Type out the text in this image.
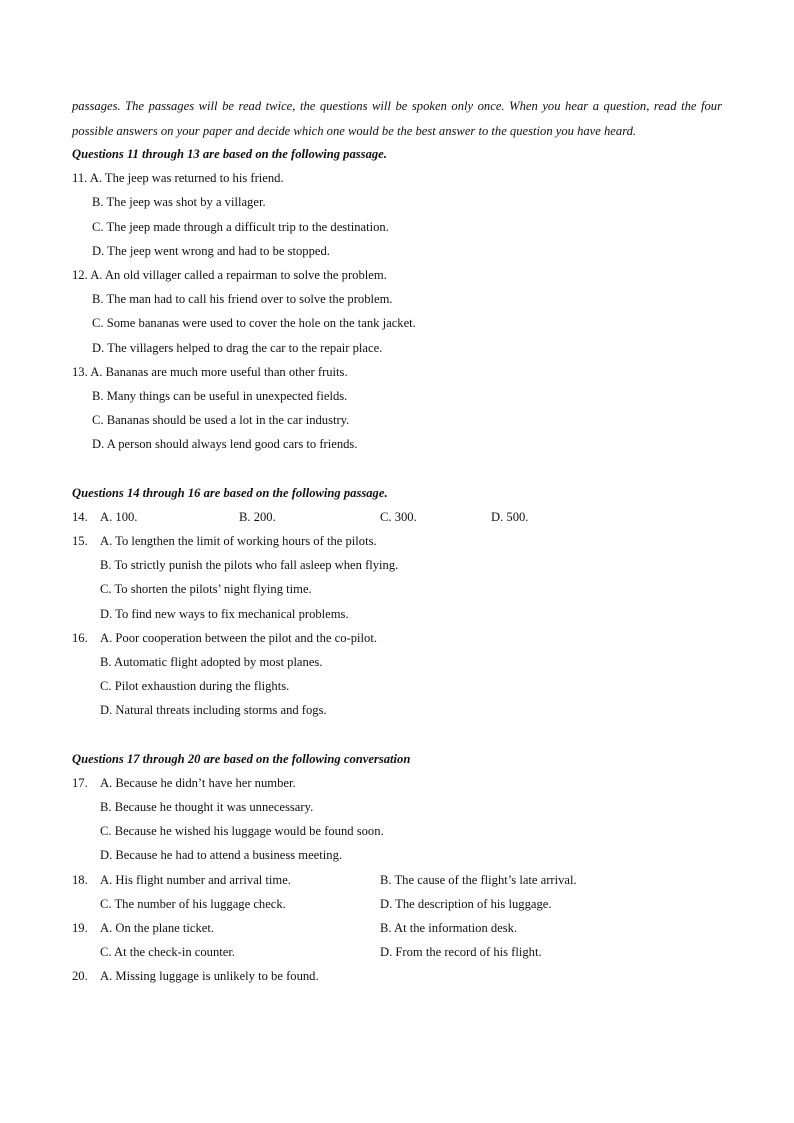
passages. The passages will be read twice, the questions will be spoken only once. When you hear a question, read the four possible answers on your paper and decide which one would be the best answer to the question you have heard.

Questions 11 through 13 are based on the following passage.
11. A. The jeep was returned to his friend.
B. The jeep was shot by a villager.
C. The jeep made through a difficult trip to the destination.
D. The jeep went wrong and had to be stopped.
12. A. An old villager called a repairman to solve the problem.
B. The man had to call his friend over to solve the problem.
C. Some bananas were used to cover the hole on the tank jacket.
D. The villagers helped to drag the car to the repair place.
13. A. Bananas are much more useful than other fruits.
B. Many things can be useful in unexpected fields.
C. Bananas should be used a lot in the car industry.
D. A person should always lend good cars to friends.
Questions 14 through 16 are based on the following passage.
14. A. 100.	B. 200.	C. 300.	D. 500.
15. A. To lengthen the limit of working hours of the pilots.
B. To strictly punish the pilots who fall asleep when flying.
C. To shorten the pilots’ night flying time.
D. To find new ways to fix mechanical problems.
16. A. Poor cooperation between the pilot and the co-pilot.
B. Automatic flight adopted by most planes.
C. Pilot exhaustion during the flights.
D. Natural threats including storms and fogs.
Questions 17 through 20 are based on the following conversation
17. A. Because he didn’t have her number.
B. Because he thought it was unnecessary.
C. Because he wished his luggage would be found soon.
D. Because he had to attend a business meeting.
18. A. His flight number and arrival time.	B. The cause of the flight’s late arrival.
C. The number of his luggage check.	D. The description of his luggage.
19. A. On the plane ticket.	B. At the information desk.
C. At the check-in counter.	D. From the record of his flight.
20. A. Missing luggage is unlikely to be found.
